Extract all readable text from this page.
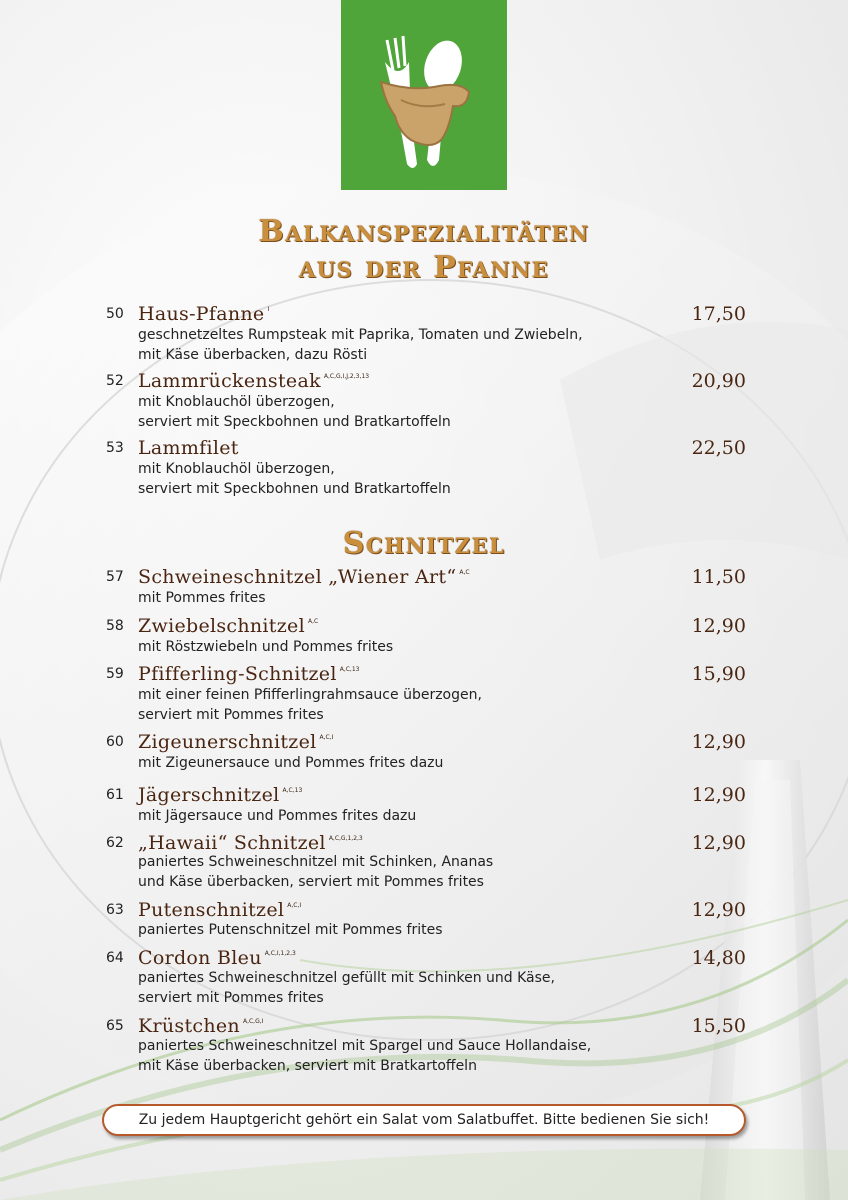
Balkanspezialitäten
aus der Pfanne
Schnitzel
50 Haus-Pfanne $^I$	17,50
geschnetzeltes Rumpsteak mit Paprika, Tomaten und Zwiebeln,
mit Käse überbacken, dazu Rösti
52 Lammrückensteak $^{A,C,G,I,J,2,3,13}$	20,90
mit Knoblauchöl überzogen,
serviert mit Speckbohnen und Bratkartoffeln
53 Lammfilet	22,50
mit Knoblauchöl überzogen,
serviert mit Speckbohnen und Bratkartoffeln
57 Schweineschnitzel „Wiener Art“ $^{A,C}$	11,50
mit Pommes frites
58 Zwiebelschnitzel $^{A,C}$	12,90
mit Röstzwiebeln und Pommes frites
59 Pfifferling-Schnitzel $^{A,C,13}$	15,90
mit einer feinen Pfifferlingrahmsauce überzogen,
serviert mit Pommes frites
60 Zigeunerschnitzel $^{A,C,I}$	12,90
mit Zigeunersauce und Pommes frites dazu
61 Jägerschnitzel $^{A,C,13}$	12,90
mit Jägersauce und Pommes frites dazu
62 „Hawaii“ Schnitzel $^{A,C,G,1,2,3}$	12,90
paniertes Schweineschnitzel mit Schinken, Ananas
und Käse überbacken, serviert mit Pommes frites
63 Putenschnitzel $^{A,C,I}$	12,90
paniertes Putenschnitzel mit Pommes frites
64 Cordon Bleu $^{A,C,I,1,2,3}$	14,80
paniertes Schweineschnitzel gefüllt mit Schinken und Käse,
serviert mit Pommes frites
65 Krüstchen $^{A,C,G,I}$	15,50
paniertes Schweineschnitzel mit Spargel und Sauce Hollandaise,
mit Käse überbacken, serviert mit Bratkartoffeln
Zu jedem Hauptgericht gehört ein Salat vom Salatbuffet. Bitte bedienen Sie sich!
